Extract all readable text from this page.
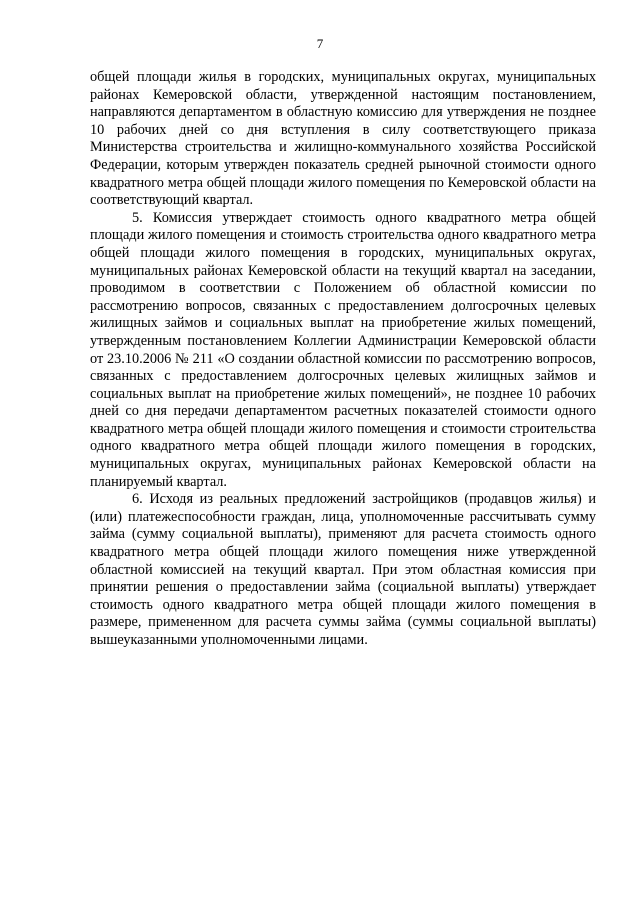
7

общей площади жилья в городских, муниципальных округах, муниципальных районах Кемеровской области, утвержденной настоящим постановлением, направляются департаментом в областную комиссию для утверждения не позднее 10 рабочих дней со дня вступления в силу соответствующего приказа Министерства строительства и жилищно-коммунального хозяйства Российской Федерации, которым утвержден показатель средней рыночной стоимости одного квадратного метра общей площади жилого помещения по Кемеровской области на соответствующий квартал.

5. Комиссия утверждает стоимость одного квадратного метра общей площади жилого помещения и стоимость строительства одного квадратного метра общей площади жилого помещения в городских, муниципальных округах, муниципальных районах Кемеровской области на текущий квартал на заседании, проводимом в соответствии с Положением об областной комиссии по рассмотрению вопросов, связанных с предоставлением долгосрочных целевых жилищных займов и социальных выплат на приобретение жилых помещений, утвержденным постановлением Коллегии Администрации Кемеровской области от 23.10.2006 № 211 «О создании областной комиссии по рассмотрению вопросов, связанных с предоставлением долгосрочных целевых жилищных займов и социальных выплат на приобретение жилых помещений», не позднее 10 рабочих дней со дня передачи департаментом расчетных показателей стоимости одного квадратного метра общей площади жилого помещения и стоимости строительства одного квадратного метра общей площади жилого помещения в городских, муниципальных округах, муниципальных районах Кемеровской области на планируемый квартал.

6. Исходя из реальных предложений застройщиков (продавцов жилья) и (или) платежеспособности граждан, лица, уполномоченные рассчитывать сумму займа (сумму социальной выплаты), применяют для расчета стоимость одного квадратного метра общей площади жилого помещения ниже утвержденной областной комиссией на текущий квартал. При этом областная комиссия при принятии решения о предоставлении займа (социальной выплаты) утверждает стоимость одного квадратного метра общей площади жилого помещения в размере, примененном для расчета суммы займа (суммы социальной выплаты) вышеуказанными уполномоченными лицами.
